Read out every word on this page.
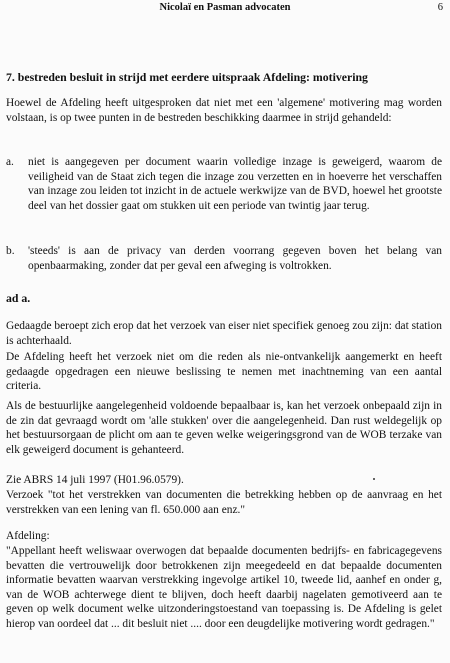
Nicolaï en Pasman advocaten	6

7. bestreden besluit in strijd met eerdere uitspraak Afdeling: motivering

Hoewel de Afdeling heeft uitgesproken dat niet met een 'algemene' motivering mag worden volstaan, is op twee punten in de bestreden beschikking daarmee in strijd gehandeld:

a. niet is aangegeven per document waarin volledige inzage is geweigerd, waarom de veiligheid van de Staat zich tegen die inzage zou verzetten en in hoeverre het verschaffen van inzage zou leiden tot inzicht in de actuele werkwijze van de BVD, hoewel het grootste deel van het dossier gaat om stukken uit een periode van twintig jaar terug.
b. 'steeds' is aan de privacy van derden voorrang gegeven boven het belang van openbaarmaking, zonder dat per geval een afweging is voltrokken.

ad a.

Gedaagde beroept zich erop dat het verzoek van eiser niet specifiek genoeg zou zijn: dat station is achterhaald.

De Afdeling heeft het verzoek niet om die reden als nie-ontvankelijk aangemerkt en heeft gedaagde opgedragen een nieuwe beslissing te nemen met inachtneming van een aantal criteria.

Als de bestuurlijke aangelegenheid voldoende bepaalbaar is, kan het verzoek onbepaald zijn in de zin dat gevraagd wordt om 'alle stukken' over die aangelegenheid. Dan rust weldegelijk op het bestuursorgaan de plicht om aan te geven welke weigeringsgrond van de WOB terzake van elk geweigerd document is gehanteerd.

Zie ABRS 14 juli 1997 (H01.96.0579).

Verzoek "tot het verstrekken van documenten die betrekking hebben op de aanvraag en het verstrekken van een lening van fl. 650.000 aan enz."

Afdeling:

"Appellant heeft weliswaar overwogen dat bepaalde documenten bedrijfs- en fabricagegevens bevatten die vertrouwelijk door betrokkenen zijn meegedeeld en dat bepaalde documenten informatie bevatten waarvan verstrekking ingevolge artikel 10, tweede lid, aanhef en onder g, van de WOB achterwege dient te blijven, doch heeft daarbij nagelaten gemotiveerd aan te geven op welk document welke uitzonderingstoestand van toepassing is. De Afdeling is gelet hierop van oordeel dat ... dit besluit niet .... door een deugdelijke motivering wordt gedragen."
